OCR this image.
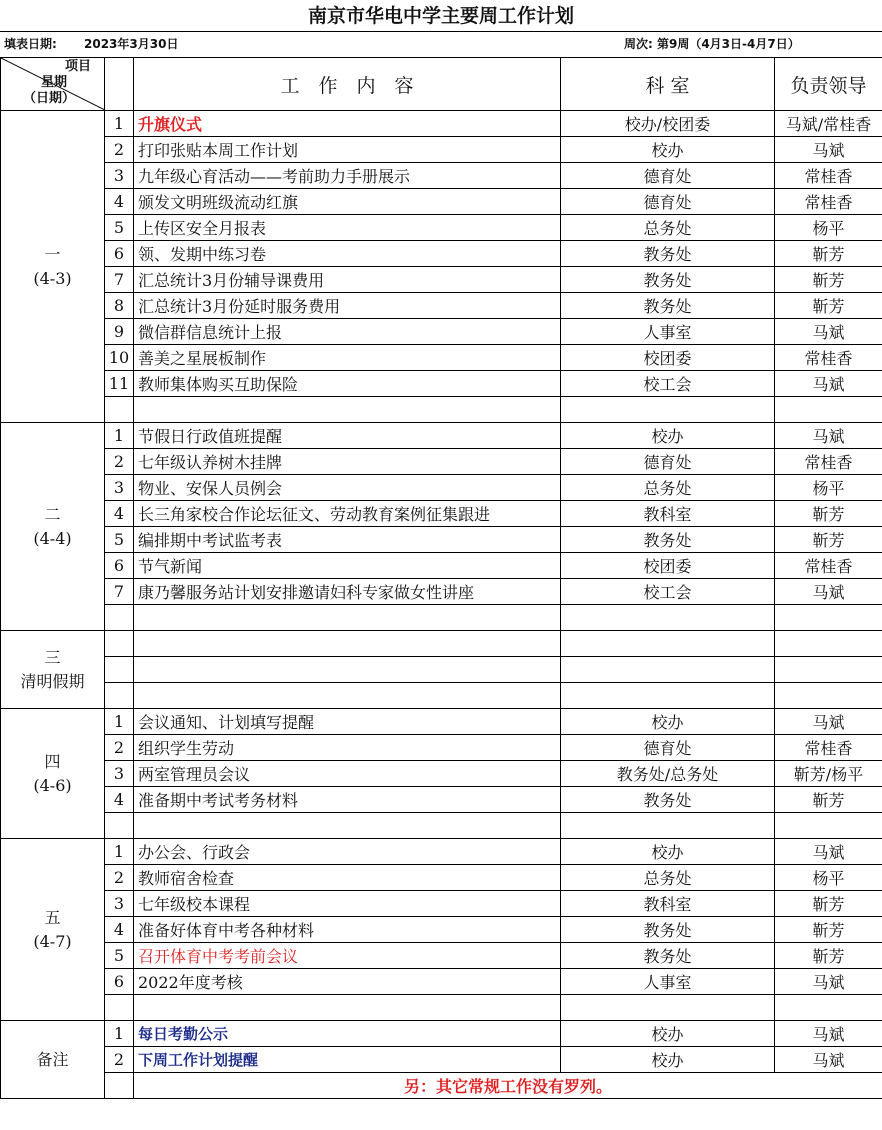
南京市华电中学主要周工作计划
填表日期: 2023年3月30日	周次: 第9周（4月3日-4月7日）
项目
星期
（日期）		工　作　内　容	科 室	负责领导

一
(4-3)	1	升旗仪式	校办/校团委	马斌/常桂香
	2	打印张贴本周工作计划	校办	马斌
	3	九年级心育活动——考前助力手册展示	德育处	常桂香
	4	颁发文明班级流动红旗	德育处	常桂香
	5	上传区安全月报表	总务处	杨平
	6	领、发期中练习卷	教务处	靳芳
	7	汇总统计3月份辅导课费用	教务处	靳芳
	8	汇总统计3月份延时服务费用	教务处	靳芳
	9	微信群信息统计上报	人事室	马斌
	10	善美之星展板制作	校团委	常桂香
	11	教师集体购买互助保险	校工会	马斌

二
(4-4)	1	节假日行政值班提醒	校办	马斌
	2	七年级认养树木挂牌	德育处	常桂香
	3	物业、安保人员例会	总务处	杨平
	4	长三角家校合作论坛征文、劳动教育案例征集跟进	教科室	靳芳
	5	编排期中考试监考表	教务处	靳芳
	6	节气新闻	校团委	常桂香
	7	康乃馨服务站计划安排邀请妇科专家做女性讲座	校工会	马斌

三
清明假期				

四
(4-6)	1	会议通知、计划填写提醒	校办	马斌
	2	组织学生劳动	德育处	常桂香
	3	两室管理员会议	教务处/总务处	靳芳/杨平
	4	准备期中考试考务材料	教务处	靳芳

五
(4-7)	1	办公会、行政会	校办	马斌
	2	教师宿舍检查	总务处	杨平
	3	七年级校本课程	教科室	靳芳
	4	准备好体育中考各种材料	教务处	靳芳
	5	召开体育中考考前会议	教务处	靳芳
	6	2022年度考核	人事室	马斌

备注	1	每日考勤公示	校办	马斌
	2	下周工作计划提醒	校办	马斌
		另：其它常规工作没有罗列。		
